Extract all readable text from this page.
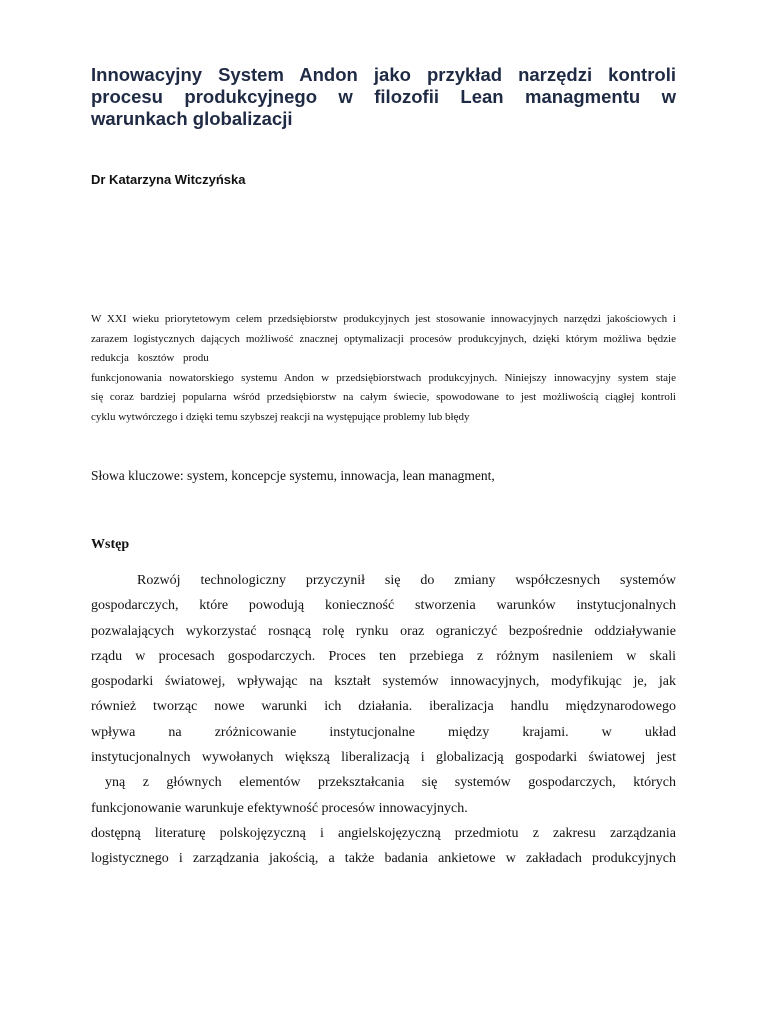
Innowacyjny System Andon jako przykład narzędzi kontroli
procesu produkcyjnego w filozofii Lean managmentu w
warunkach globalizacji
Dr Katarzyna Witczyńska
W XXI wieku priorytetowym celem przedsiębiorstw produkcyjnych jest stosowanie innowacyjnych narzędzi jakościowych i
zarazem logistycznych dających możliwość znacznej optymalizacji procesów produkcyjnych, dzięki którym możliwa będzie
redukcja kosztów produ
funkcjonowania nowatorskiego systemu Andon w przedsiębiorstwach produkcyjnych. Niniejszy innowacyjny system staje
się coraz bardziej popularna wśród przedsiębiorstw na całym świecie, spowodowane to jest możliwością ciągłej kontroli
cyklu wytwórczego i dzięki temu szybszej reakcji na występujące problemy lub błędy
Słowa kluczowe: system, koncepcje systemu, innowacja, lean managment,
Wstęp
Rozwój technologiczny przyczynił się do zmiany współczesnych systemów
gospodarczych, które powodują konieczność stworzenia warunków instytucjonalnych
pozwalających wykorzystać rosnącą rolę rynku oraz ograniczyć bezpośrednie oddziaływanie
rządu w procesach gospodarczych. Proces ten przebiega z różnym nasileniem w skali
gospodarki światowej, wpływając na kształt systemów innowacyjnych, modyfikując je, jak
również tworząc nowe warunki ich działania. iberalizacja handlu międzynarodowego
wpływa na zróżnicowanie instytucjonalne między krajami. w układ
instytucjonalnych wywołanych większą liberalizacją i globalizacją gospodarki światowej jest
yną z głównych elementów przekształcania się systemów gospodarczych, których
funkcjonowanie warunkuje efektywność procesów innowacyjnych.
dostępną literaturę polskojęzyczną i angielskojęzyczną przedmiotu z zakresu zarządzania
logistycznego i zarządzania jakością, a także badania ankietowe w zakładach produkcyjnych
